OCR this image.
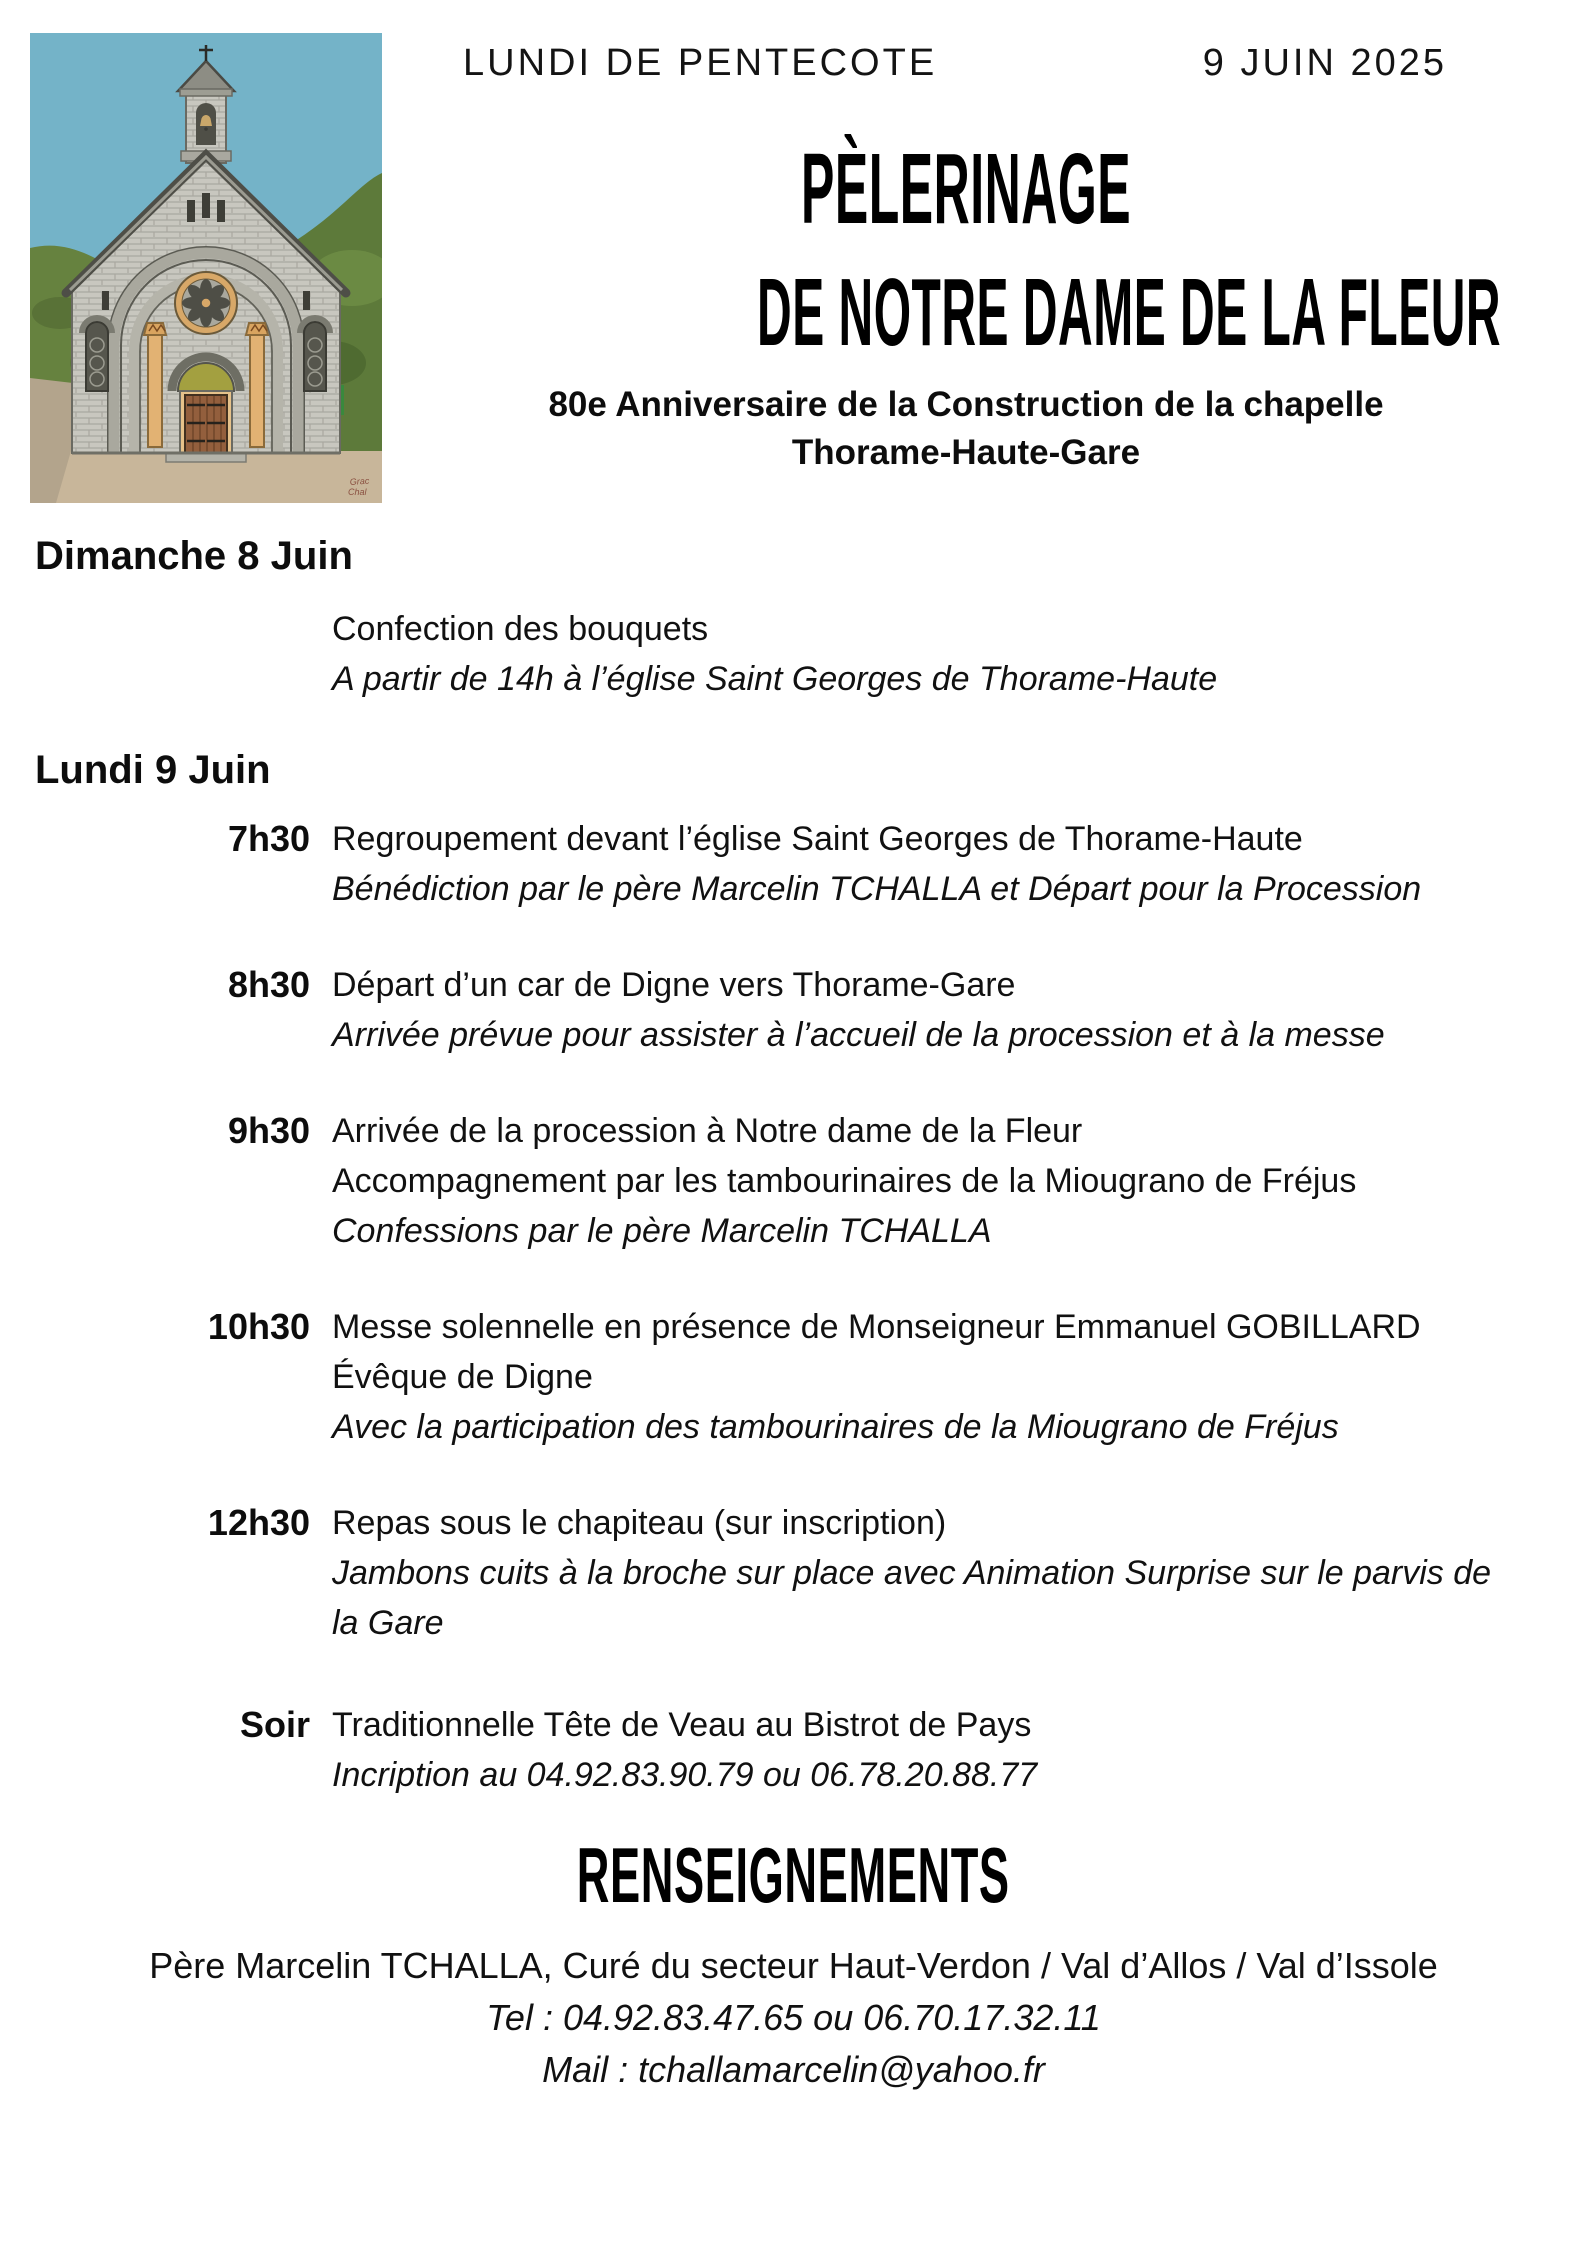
Grac
Chal
LUNDI DE PENTECOTE	9 JUIN 2025
PÈLERINAGE
DE NOTRE DAME DE LA FLEUR
80e Anniversaire de la Construction de la chapelle
Thorame-Haute-Gare
Dimanche 8 Juin

Confection des bouquets

A partir de 14h à l’église Saint Georges de Thorame-Haute

Lundi 9 Juin
7h30 Regroupement devant l’église Saint Georges de Thorame-Haute

Bénédiction par le père Marcelin TCHALLA et Départ pour la Procession

8h30 Départ d’un car de Digne vers Thorame-Gare

Arrivée prévue pour assister à l’accueil de la procession et à la messe

9h30 Arrivée de la procession à Notre dame de la Fleur

Accompagnement par les tambourinaires de la Miougrano de Fréjus

Confessions par le père Marcelin TCHALLA

10h30 Messe solennelle en présence de Monseigneur Emmanuel GOBILLARD Évêque de Digne

Avec la participation des tambourinaires de la Miougrano de Fréjus

12h30 Repas sous le chapiteau (sur inscription)

Jambons cuits à la broche sur place avec Animation Surprise sur le parvis de la Gare

Soir Traditionnelle Tête de Veau au Bistrot de Pays

Incription au 04.92.83.90.79 ou 06.78.20.88.77

RENSEIGNEMENTS

Père Marcelin TCHALLA, Curé du secteur Haut-Verdon / Val d’Allos / Val d’Issole

Tel : 04.92.83.47.65 ou 06.70.17.32.11

Mail : tchallamarcelin@yahoo.fr
